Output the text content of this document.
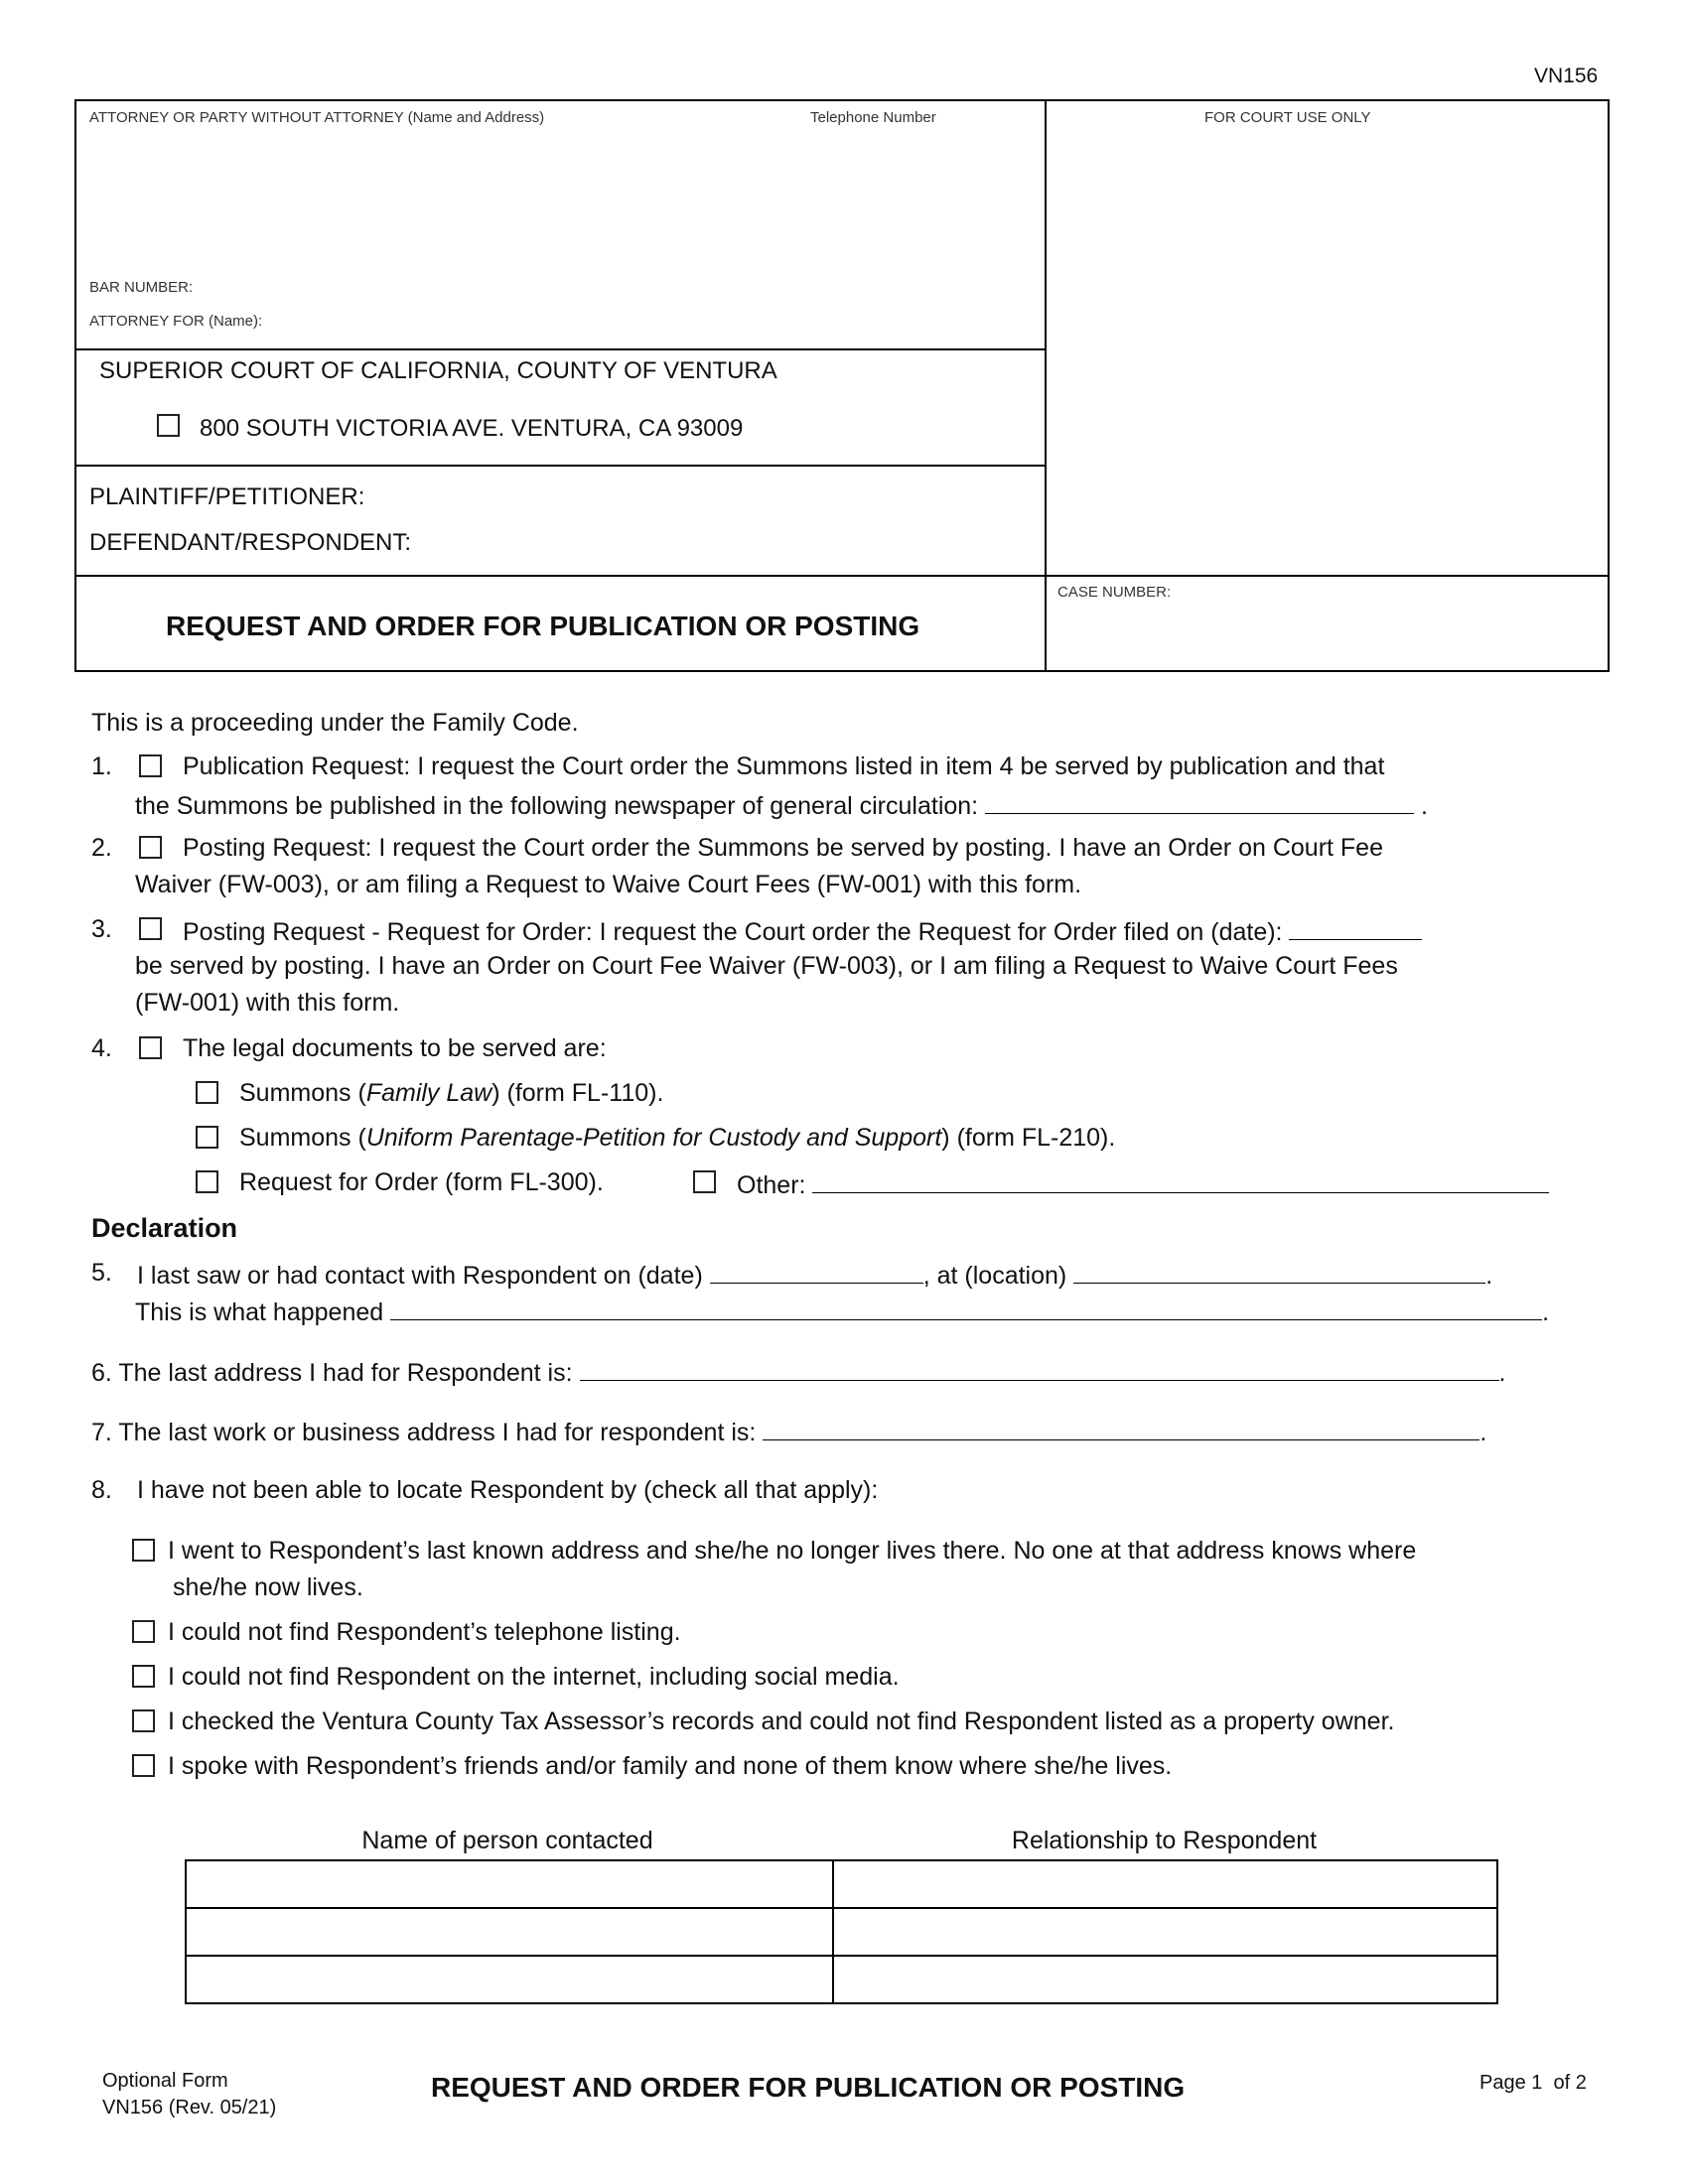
VN156
ATTORNEY OR PARTY WITHOUT ATTORNEY (Name and Address)	Telephone Number	FOR COURT USE ONLY
BAR NUMBER:
ATTORNEY FOR (Name):
SUPERIOR COURT OF CALIFORNIA, COUNTY OF VENTURA
800 SOUTH VICTORIA AVE. VENTURA, CA 93009
PLAINTIFF/PETITIONER:
DEFENDANT/RESPONDENT:
CASE NUMBER:
REQUEST AND ORDER FOR PUBLICATION OR POSTING
This is a proceeding under the Family Code.
1.	Publication Request: I request the Court order the Summons listed in item 4 be served by publication and that
the Summons be published in the following newspaper of general circulation:	.
2.	Posting Request: I request the Court order the Summons be served by posting. I have an Order on Court Fee
Waiver (FW-003), or am filing a Request to Waive Court Fees (FW-001) with this form.
3.	Posting Request - Request for Order: I request the Court order the Request for Order filed on (date):
be served by posting. I have an Order on Court Fee Waiver (FW-003), or I am filing a Request to Waive Court Fees
(FW-001) with this form.
4.	The legal documents to be served are:
Summons (Family Law) (form FL-110).
Summons (Uniform Parentage-Petition for Custody and Support) (form FL-210).
Request for Order (form FL-300).	Other:
Declaration
5. I last saw or had contact with Respondent on (date)	, at (location)	.
This is what happened	.
6. The last address I had for Respondent is:	.
7. The last work or business address I had for respondent is:	.
8. I have not been able to locate Respondent by (check all that apply):
I went to Respondent’s last known address and she/he no longer lives there. No one at that address knows where
she/he now lives.
I could not find Respondent’s telephone listing.
I could not find Respondent on the internet, including social media.
I checked the Ventura County Tax Assessor’s records and could not find Respondent listed as a property owner.
I spoke with Respondent’s friends and/or family and none of them know where she/he lives.
Name of person contacted	Relationship to Respondent

Optional Form
VN156 (Rev. 05/21)
REQUEST AND ORDER FOR PUBLICATION OR POSTING	Page 1  of 2
